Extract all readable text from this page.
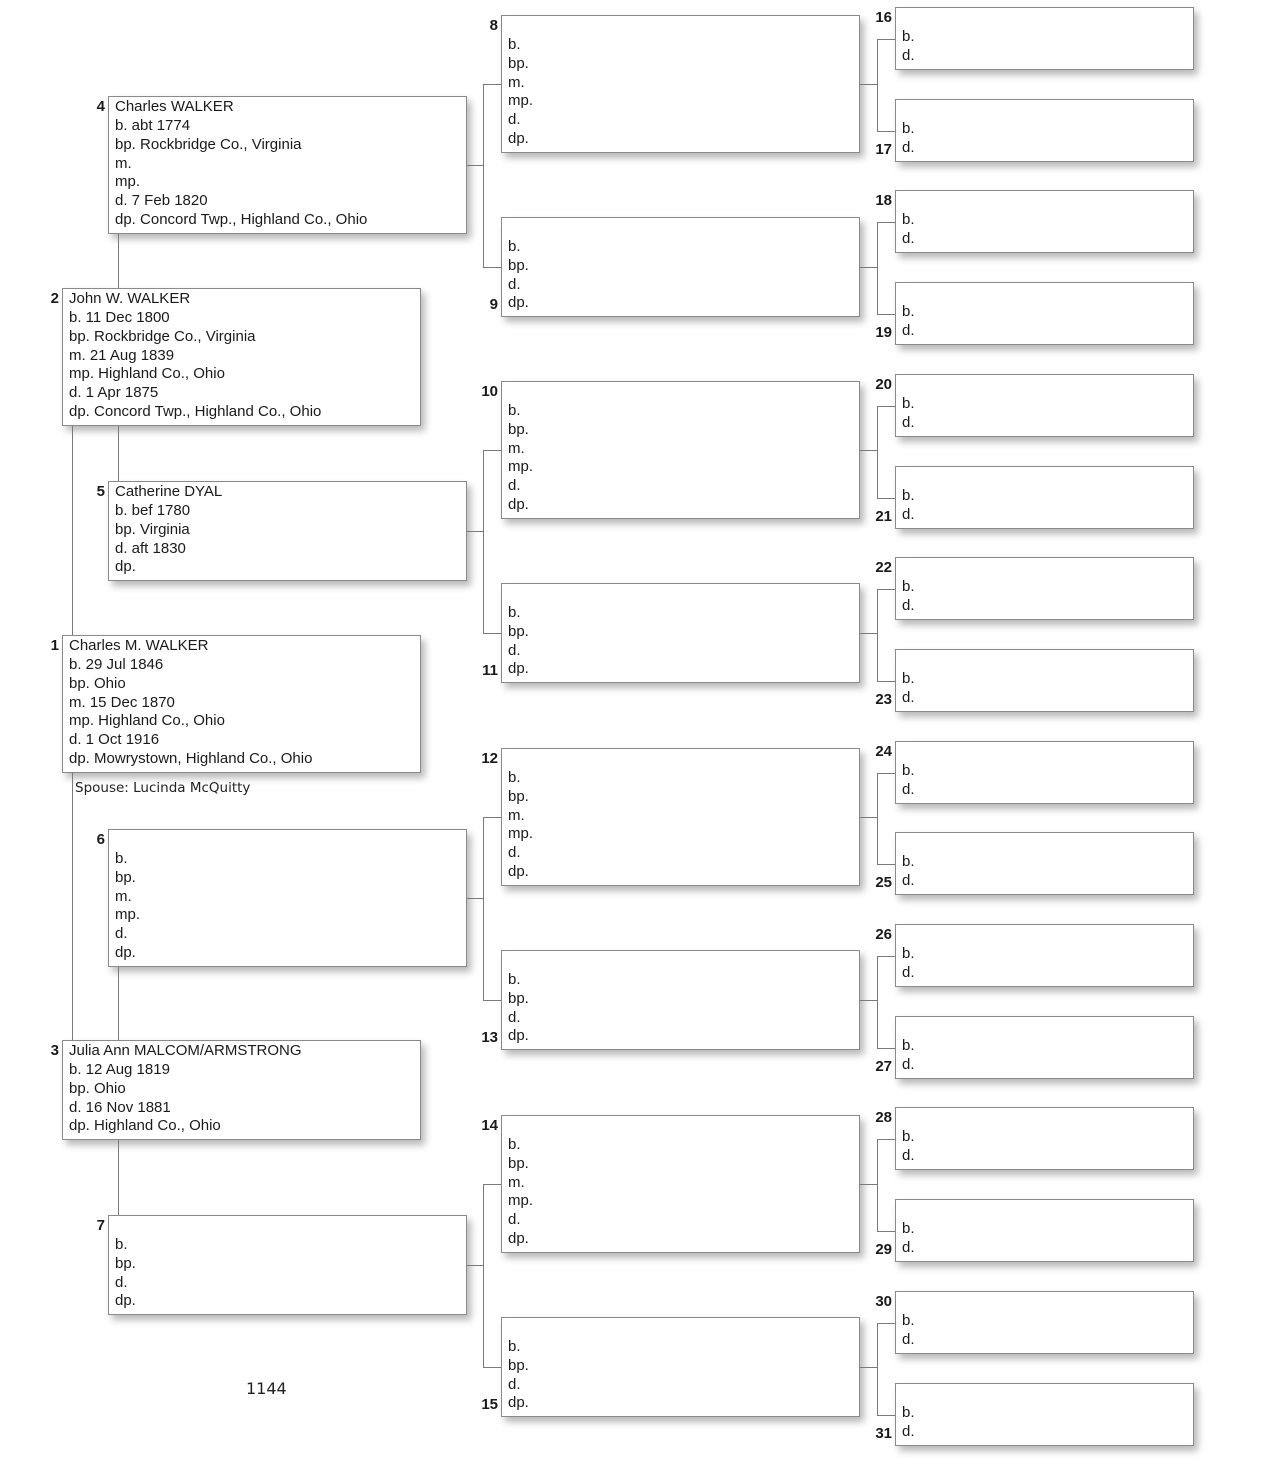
Charles M. WALKER
b. 29 Jul 1846
bp. Ohio
m. 15 Dec 1870
mp. Highland Co., Ohio
d. 1 Oct 1916
dp. Mowrystown, Highland Co., Ohio
1
John W. WALKER
b. 11 Dec 1800
bp. Rockbridge Co., Virginia
m. 21 Aug 1839
mp. Highland Co., Ohio
d. 1 Apr 1875
dp. Concord Twp., Highland Co., Ohio
2
Julia Ann MALCOM/ARMSTRONG
b. 12 Aug 1819
bp. Ohio
d. 16 Nov 1881
dp. Highland Co., Ohio
3
Charles WALKER
b. abt 1774
bp. Rockbridge Co., Virginia
m.
mp.
d. 7 Feb 1820
dp. Concord Twp., Highland Co., Ohio
4
Catherine DYAL
b. bef 1780
bp. Virginia
d. aft 1830
dp.
5
b.
bp.
m.
mp.
d.
dp.
6
b.
bp.
d.
dp.
7
b.
bp.
m.
mp.
d.
dp.
8
b.
bp.
d.
dp.
9
b.
bp.
m.
mp.
d.
dp.
10
b.
bp.
d.
dp.
11
b.
bp.
m.
mp.
d.
dp.
12
b.
bp.
d.
dp.
13
b.
bp.
m.
mp.
d.
dp.
14
b.
bp.
d.
dp.
15
b.
d.
16
b.
d.
17
b.
d.
18
b.
d.
19
b.
d.
20
b.
d.
21
b.
d.
22
b.
d.
23
b.
d.
24
b.
d.
25
b.
d.
26
b.
d.
27
b.
d.
28
b.
d.
29
b.
d.
30
b.
d.
31
Spouse: Lucinda McQuitty
1144
